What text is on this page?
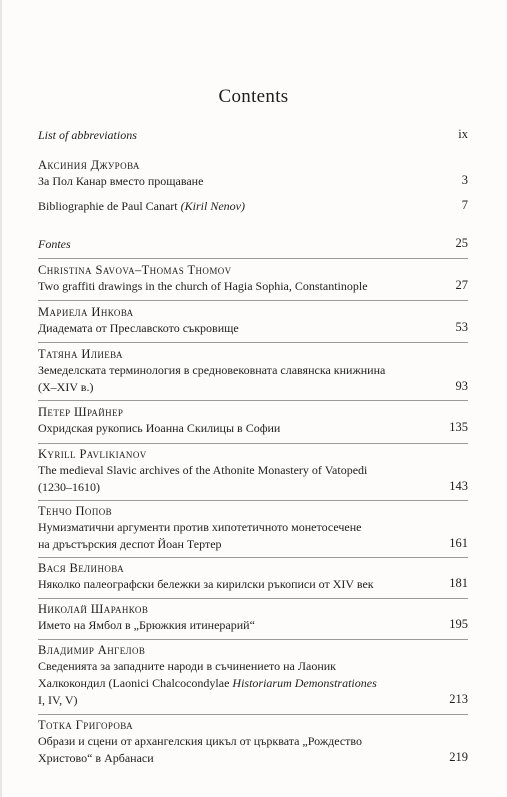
Contents
List of abbreviations	ix
Аксиния Джурова
За Пол Канар вместо прощаване	3
Bibliographie de Paul Canart (Kiril Nenov)	7
Fontes	25
Christina Savova–Thomas Thomov
Two graffiti drawings in the church of Hagia Sophia, Constantinople	27
Мариела Инкова
Диадемата от Преславското съкровище	53
Татяна Илиева
Земеделската терминология в средновековната славянска книжнина
(X–XIV в.)	93
Петер Шрайнер
Охридская рукопись Иоанна Скилицы в Софии	135
Kyrill Pavlikianov
The medieval Slavic archives of the Athonite Monastery of Vatopedi
(1230–1610)	143
Тенчо Попов
Нумизматични аргументи против хипотетичното монетосечене
на дръстърския деспот Йоан Тертер	161
Вася Велинова
Няколко палеографски бележки за кирилски ръкописи от XIV век	181
Николай Шаранков
Името на Ямбол в „Брюжкия итинерарий“	195
Владимир Ангелов
Сведенията за западните народи в съчинението на Лаоник
Халкокондил (Laonici Chalcocondylae Historiarum Demonstrationes
I, IV, V)	213
Тотка Григорова
Образи и сцени от архангелския цикъл от църквата „Рождество
Христово“ в Арбанаси	219
